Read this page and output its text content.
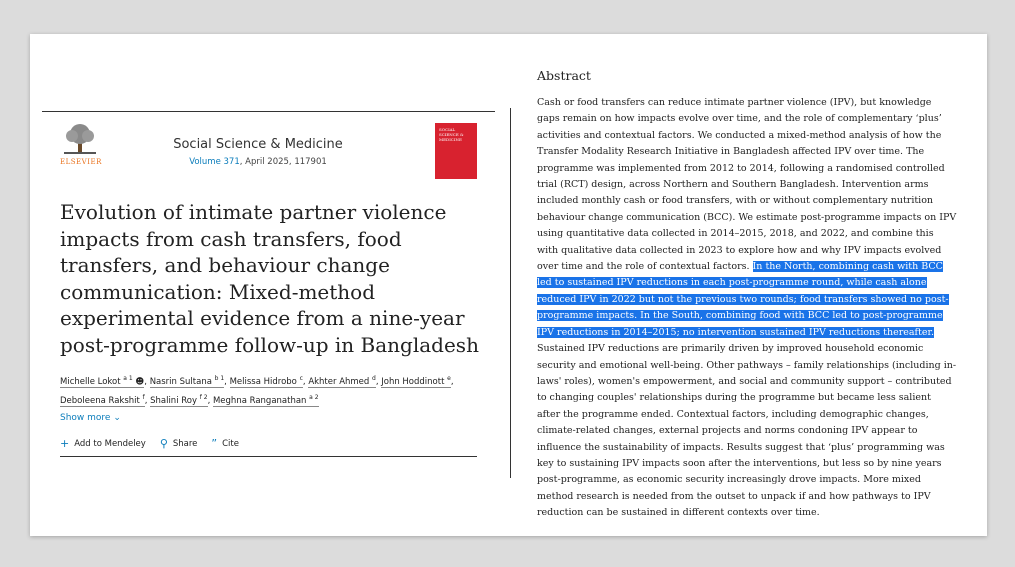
ELSEVIER
Social Science & Medicine
Volume 371, April 2025, 117901
SOCIAL SCIENCE & MEDICINE
Evolution of intimate partner violence impacts from cash transfers, food transfers, and behaviour change communication: Mixed-method experimental evidence from a nine-year post-programme follow-up in Bangladesh
Michelle Lokot $^{a 1}$ ☻, Nasrin Sultana $^{b 1}$, Melissa Hidrobo $^c$, Akhter Ahmed $^d$, John Hoddinott $^e$, Deboleena Rakshit $^f$, Shalini Roy $^{f 2}$, Meghna Ranganathan $^{a 2}$
Show more ⌄
+ Add to Mendeley ⚲ Share ” Cite
Abstract

Cash or food transfers can reduce intimate partner violence (IPV), but knowledge gaps remain on how impacts evolve over time, and the role of complementary ‘plus’ activities and contextual factors. We conducted a mixed-method analysis of how the Transfer Modality Research Initiative in Bangladesh affected IPV over time. The programme was implemented from 2012 to 2014, following a randomised controlled trial (RCT) design, across Northern and Southern Bangladesh. Intervention arms included monthly cash or food transfers, with or without complementary nutrition behaviour change communication (BCC). We estimate post-programme impacts on IPV using quantitative data collected in 2014–2015, 2018, and 2022, and combine this with qualitative data collected in 2023 to explore how and why IPV impacts evolved over time and the role of contextual factors. In the North, combining cash with BCC led to sustained IPV reductions in each post-programme round, while cash alone reduced IPV in 2022 but not the previous two rounds; food transfers showed no post-programme impacts. In the South, combining food with BCC led to post-programme IPV reductions in 2014–2015; no intervention sustained IPV reductions thereafter. Sustained IPV reductions are primarily driven by improved household economic security and emotional well-being. Other pathways – family relationships (including in-laws' roles), women's empowerment, and social and community support – contributed to changing couples' relationships during the programme but became less salient after the programme ended. Contextual factors, including demographic changes, climate-related changes, external projects and norms condoning IPV appear to influence the sustainability of impacts. Results suggest that ‘plus’ programming was key to sustaining IPV impacts soon after the interventions, but less so by nine years post-programme, as economic security increasingly drove impacts. More mixed method research is needed from the outset to unpack if and how pathways to IPV reduction can be sustained in different contexts over time.
